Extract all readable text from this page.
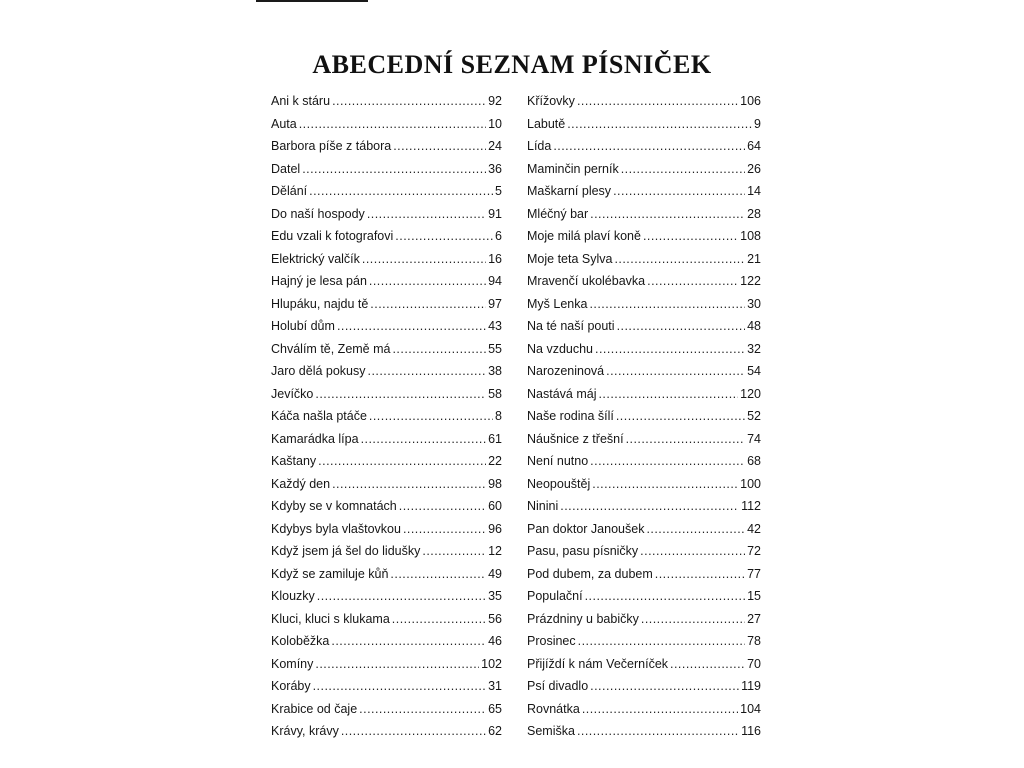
ABECEDNÍ SEZNAM PÍSNIČEK
Ani k stáru . . .	92
Auta . . .	10
Barbora píše z tábora . . .	24
Datel . . .	36
Dělání . . .	5
Do naší hospody . . .	91
Edu vzali k fotografovi . . .	6
Elektrický valčík . . .	16
Hajný je lesa pán . . .	94
Hlupáku, najdu tě . . .	97
Holubí dům . . .	43
Chválím tě, Země má . . .	55
Jaro dělá pokusy . . .	38
Jevíčko . . .	58
Káča našla ptáče . . .	8
Kamarádka lípa . . .	61
Kaštany . . .	22
Každý den . . .	98
Kdyby se v komnatách . . .	60
Kdybys byla vlaštovkou . . .	96
Když jsem já šel do lidušky . . .	12
Když se zamiluje kůň . . .	49
Klouzky . . .	35
Kluci, kluci s klukama . . .	56
Koloběžka . . .	46
Komíny . . .	102
Koráby . . .	31
Krabice od čaje . . .	65
Krávy, krávy . . .	62
Křížovky . . .	106
Labutě . . .	9
Lída . . .	64
Maminčin perník . . .	26
Maškarní plesy . . .	14
Mléčný bar . . .	28
Moje milá plaví koně . . .	108
Moje teta Sylva . . .	21
Mravenčí ukolébavka . . .	122
Myš Lenka . . .	30
Na té naší pouti . . .	48
Na vzduchu . . .	32
Narozeninová . . .	54
Nastává máj . . .	120
Naše rodina šílí . . .	52
Náušnice z třešní . . .	74
Není nutno . . .	68
Neopouštěj . . .	100
Ninini . . .	112
Pan doktor Janoušek . . .	42
Pasu, pasu písničky . . .	72
Pod dubem, za dubem . . .	77
Populační . . .	15
Prázdniny u babičky . . .	27
Prosinec . . .	78
Přijíždí k nám Večerníček . . .	70
Psí divadlo . . .	119
Rovnátka . . .	104
Semiška . . .	116
